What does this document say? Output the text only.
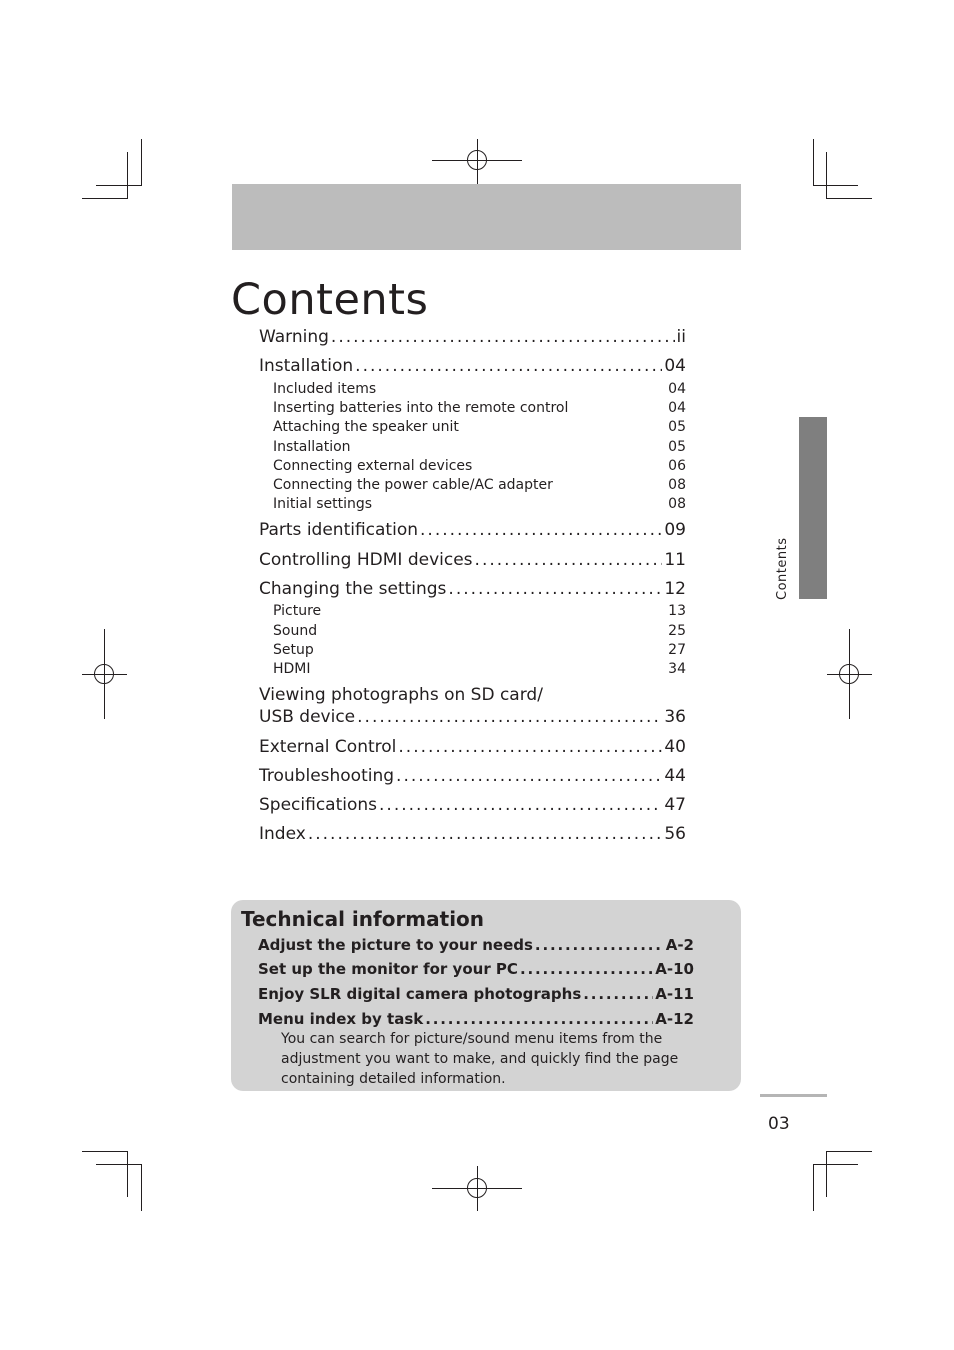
Contents
Warning . . .	ii
Installation . . .	04
Included items	04
Inserting batteries into the remote control	04
Attaching the speaker unit	05
Installation	05
Connecting external devices	06
Connecting the power cable/AC adapter	08
Initial settings	08
Parts identification . . .	09
Controlling HDMI devices . . .	11
Changing the settings . . .	12
Picture	13
Sound	25
Setup	27
HDMI	34
Viewing photographs on SD card/
USB device . . .	36
External Control . . .	40
Troubleshooting . . .	44
Specifications . . .	47
Index . . .	56
Technical information
Adjust the picture to your needs . . .	A-2
Set up the monitor for your PC . . .	A-10
Enjoy SLR digital camera photographs . . .	A-11
Menu index by task . . .	A-12
You can search for picture/sound menu items from the adjustment you want to make, and quickly find the page containing detailed information.
Contents
03
